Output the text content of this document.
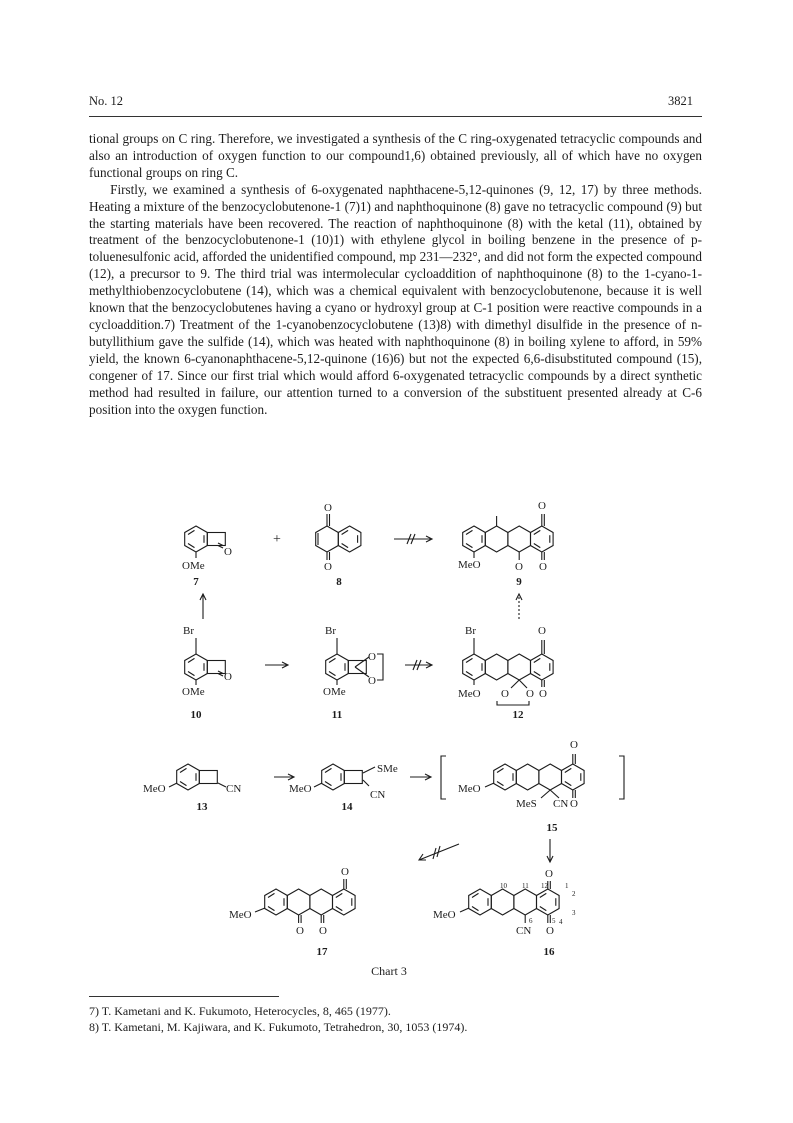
No. 12	3821

tional groups on C ring. Therefore, we investigated a synthesis of the C ring-oxygenated tetracyclic compounds and also an introduction of oxygen function to our compound1,6) obtained previously, all of which have no oxygen functional groups on ring C.

Firstly, we examined a synthesis of 6-oxygenated naphthacene-5,12-quinones (9, 12, 17) by three methods. Heating a mixture of the benzocyclobutenone-1 (7)1) and naphthoquinone (8) gave no tetracyclic compound (9) but the starting materials have been recovered. The reaction of naphthoquinone (8) with the ketal (11), obtained by treatment of the benzocyclobutenone-1 (10)1) with ethylene glycol in boiling benzene in the presence of p-toluenesulfonic acid, afforded the unidentified compound, mp 231—232°, and did not form the expected compound (12), a precursor to 9. The third trial was intermolecular cycloaddition of naphthoquinone (8) to the 1-cyano-1-methylthiobenzocyclobutene (14), which was a chemical equivalent with benzocyclobutenone, because it is well known that the benzocyclobutenes having a cyano or hydroxyl group at C-1 position were reactive compounds in a cycloaddition.7) Treatment of the 1-cyanobenzocyclobutene (13)8) with dimethyl disulfide in the presence of n-butyllithium gave the sulfide (14), which was heated with naphthoquinone (8) in boiling xylene to afford, in 59% yield, the known 6-cyanonaphthacene-5,12-quinone (16)6) but not the expected 6,6-disubstituted compound (15), congener of 17. Since our first trial which would afford 6-oxygenated tetracyclic compounds by a direct synthetic method had resulted in failure, our attention turned to a conversion of the substituent presented already at C-6 position into the oxygen function.

O
OMe
7
+
O
O
8
O
MeO	O O
9
Br
O
OMe
10
Br
O
O
OMe
11
Br	O
MeO O O O
12
MeO	CN
13
MeO
SMe
CN
14
O
MeO
MeS CN O
15
O
MeO
O O
17
O
MeO
CN O
10 11 12 1
2
3
4
5
6
16
Chart 3
7) T. Kametani and K. Fukumoto, Heterocycles, 8, 465 (1977).
8) T. Kametani, M. Kajiwara, and K. Fukumoto, Tetrahedron, 30, 1053 (1974).
